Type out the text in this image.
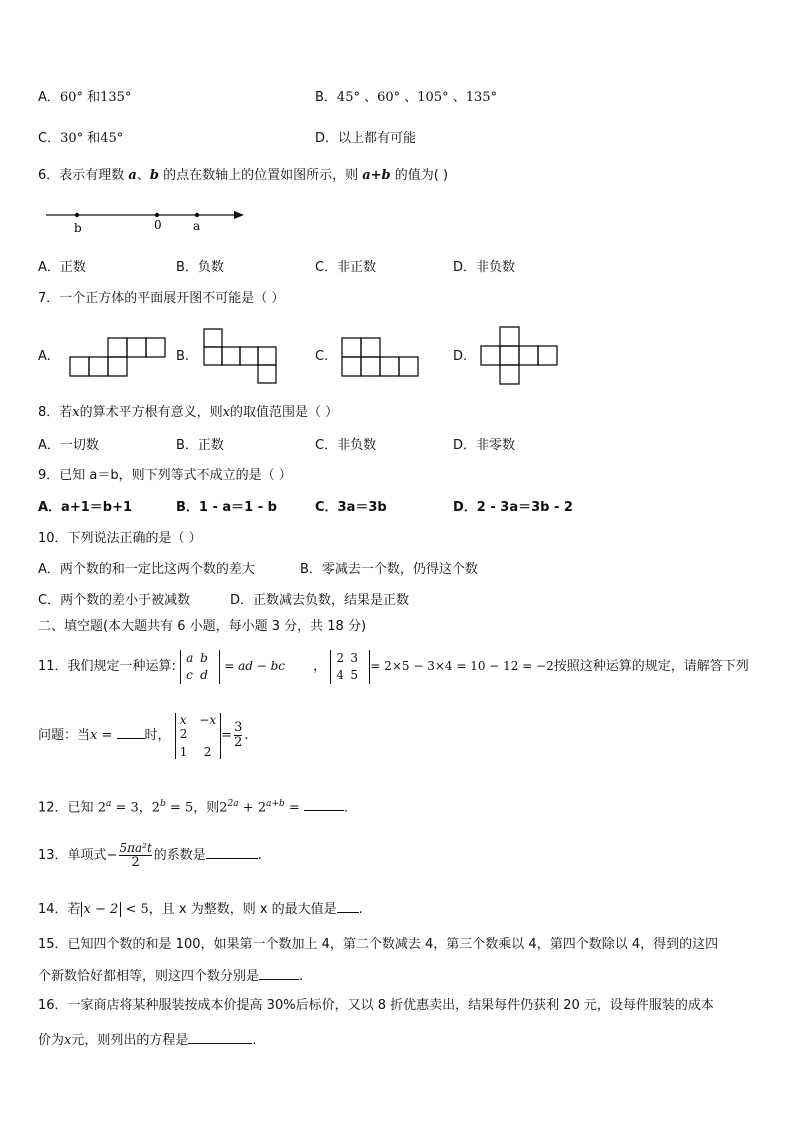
A．60° 和135°	B．45° 、60° 、105° 、135°
C．30° 和45°	D．以上都有可能
6．表示有理数 a、b 的点在数轴上的位置如图所示，则 a+b 的值为( )
b	0	a
A．正数	B．负数	C．非正数	D．非负数
7．一个正方体的平面展开图不可能是（ ）
A.	B.	C.	D.
8．若x的算术平方根有意义，则x的取值范围是（ ）
A．一切数	B．正数	C．非负数	D．非零数
9．已知 a＝b，则下列等式不成立的是（ ）
A．a+1＝b+1	B．1 - a＝1 - b	C．3a＝3b	D．2 - 3a＝3b - 2
10．下列说法正确的是（ ）
A．两个数的和一定比这两个数的差大	B．零减去一个数，仍得这个数
C．两个数的差小于被减数	D．正数减去负数，结果是正数
二、填空题(本大题共有 6 小题，每小题 3 分，共 18 分)
11．我们规定一种运算:
a b
c d
= ad − bc ，
2 3
4 5
= 2×5 − 3×4 = 10 − 12 = −2按照这种运算的规定，请解答下列
问题：当x = 时，
x
2
−x
1	2
= $\frac{3}{2}$ .
12．已知 $2^a = 3$，$2^b = 5$，则$2^{2a} + 2^{a+b}$ =	.
13．单项式− $\frac{\text{5πa²t}}{2}$ 的系数是	.
14．若 x − 2 < 5，且 x 为整数，则 x 的最大值是 .
15．已知四个数的和是 100，如果第一个数加上 4，第二个数减去 4，第三个数乘以 4，第四个数除以 4，得到的这四
个新数恰好都相等，则这四个数分别是	.
16．一家商店将某种服装按成本价提高 30%后标价，又以 8 折优惠卖出，结果每件仍获利 20 元，设每件服装的成本
价为x元，则列出的方程是	.
